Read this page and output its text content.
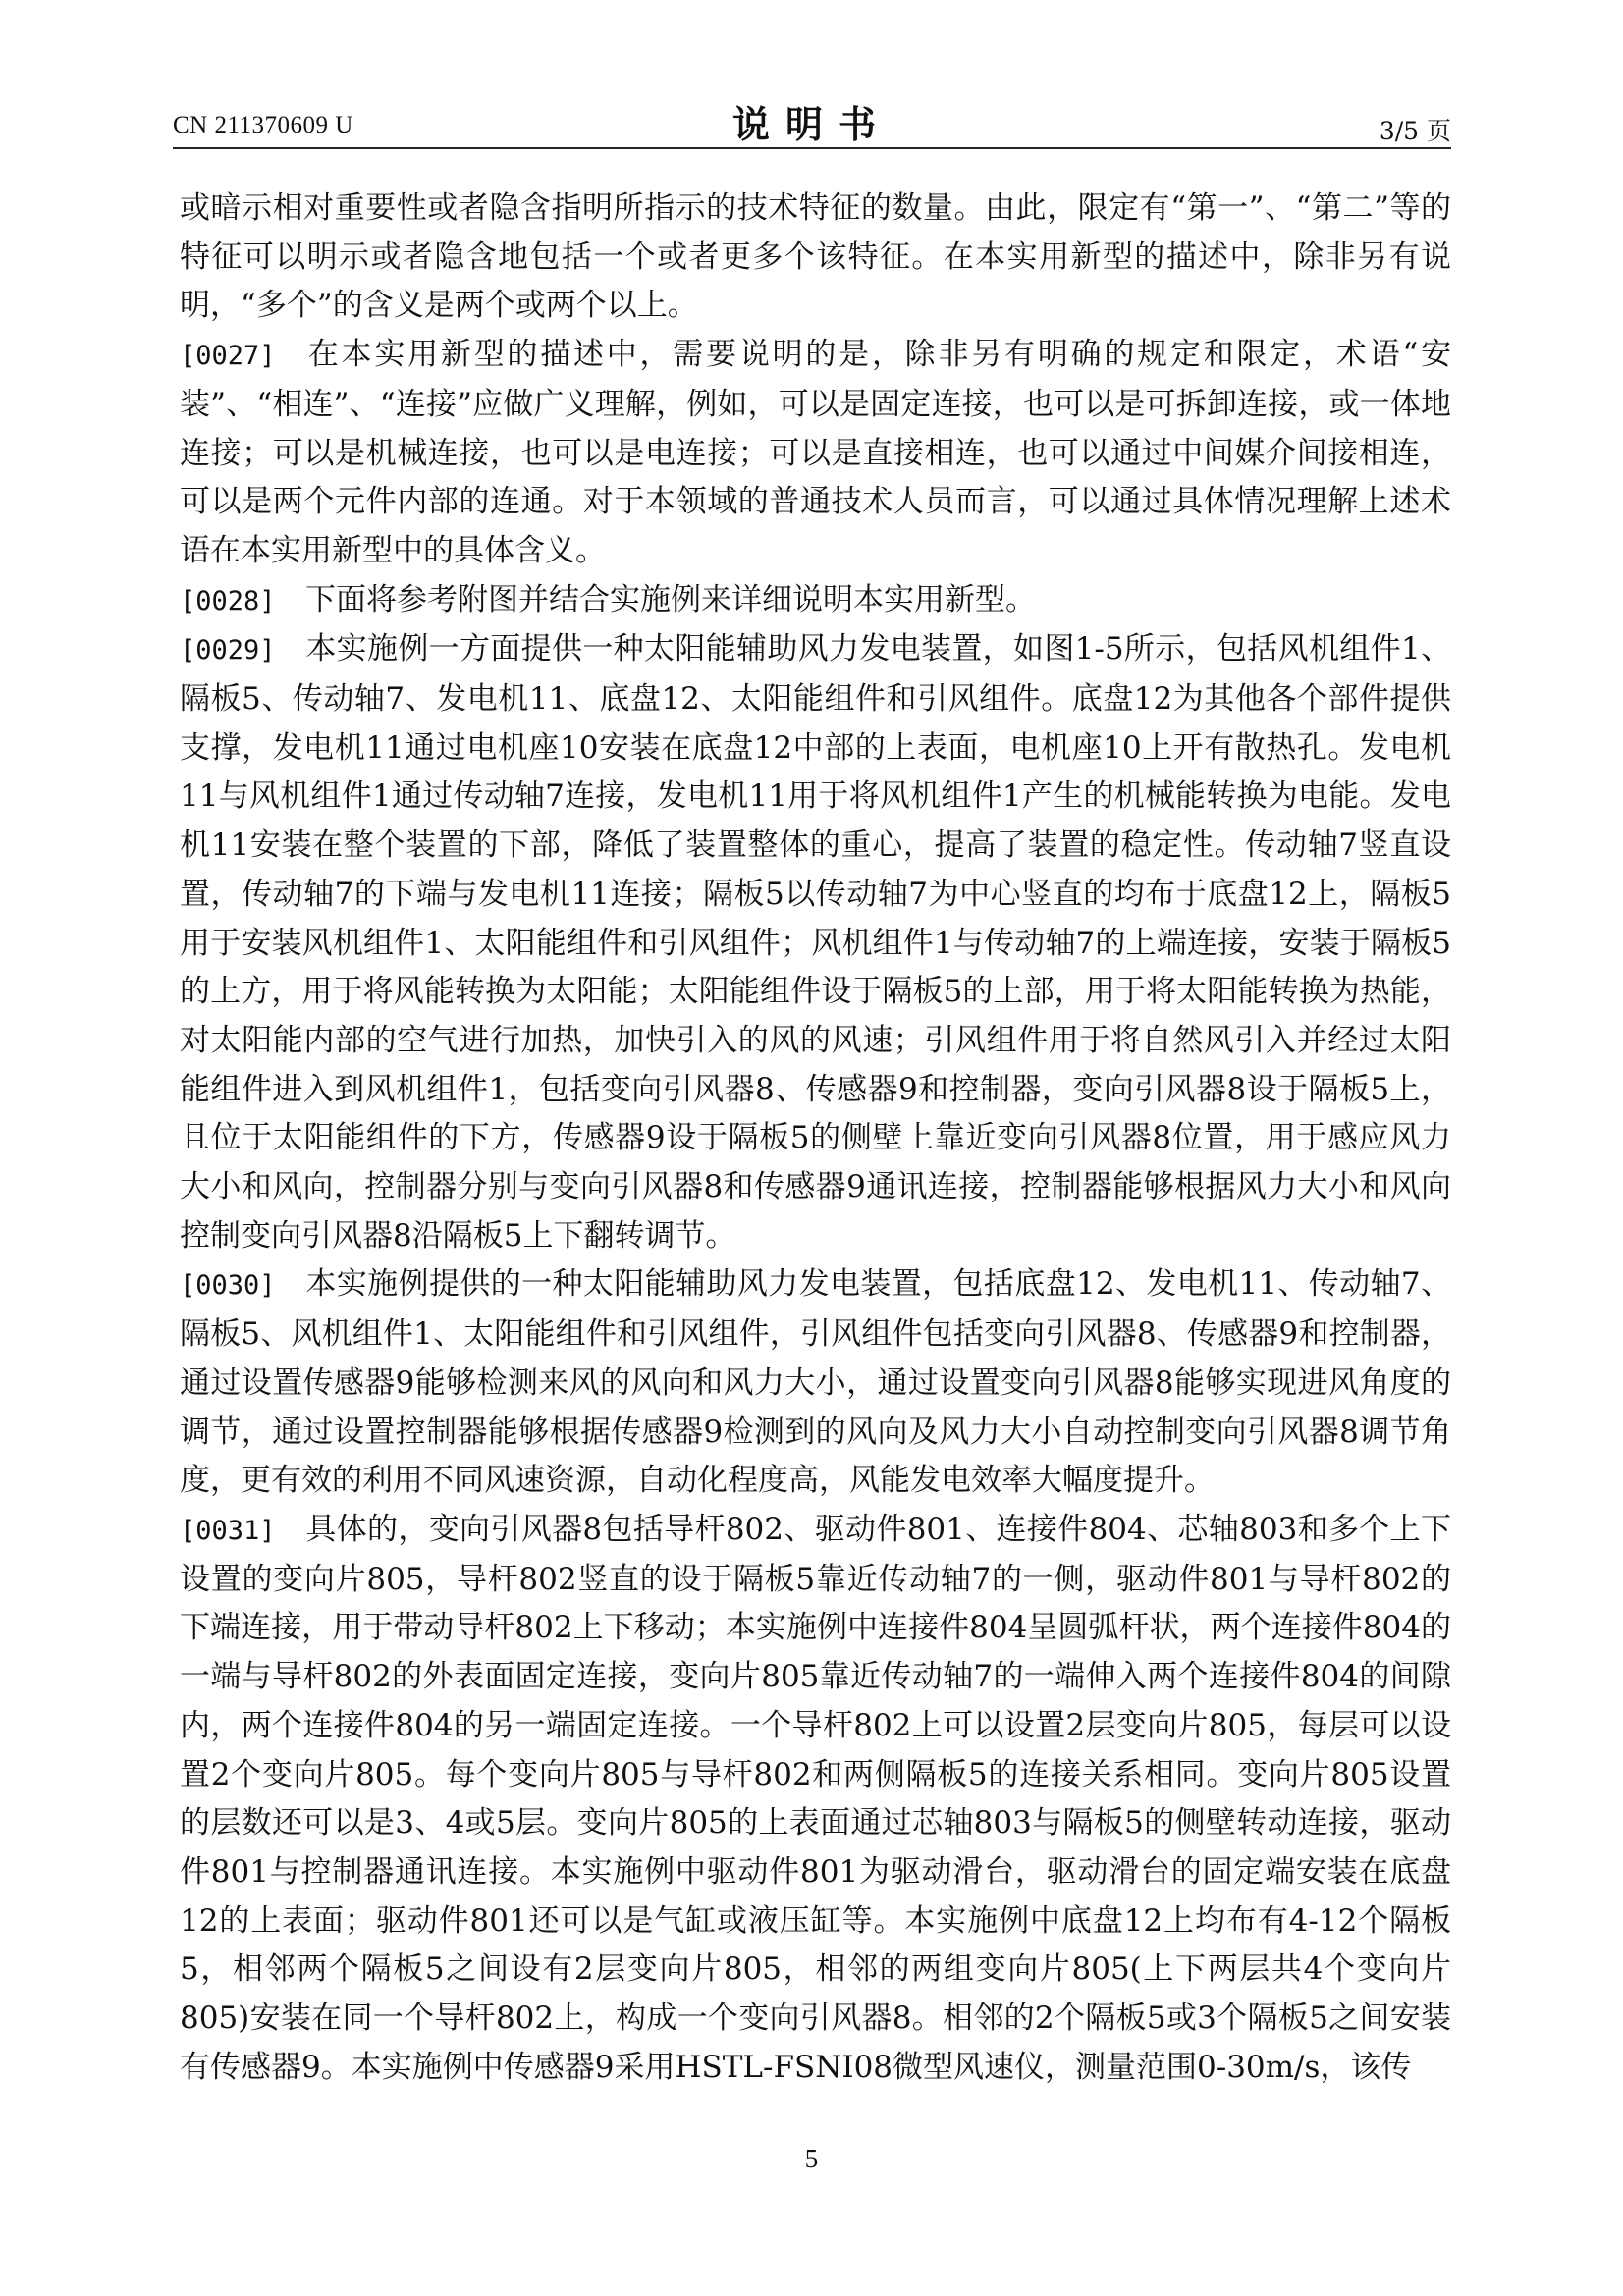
CN 211370609 U	说明书	3/5 页

或暗示相对重要性或者隐含指明所指示的技术特征的数量。由此，限定有“第一”、“第二”等的特征可以明示或者隐含地包括一个或者更多个该特征。在本实用新型的描述中，除非另有说明，“多个”的含义是两个或两个以上。

[0027] 在本实用新型的描述中，需要说明的是，除非另有明确的规定和限定，术语“安装”、“相连”、“连接”应做广义理解，例如，可以是固定连接，也可以是可拆卸连接，或一体地连接；可以是机械连接，也可以是电连接；可以是直接相连，也可以通过中间媒介间接相连，可以是两个元件内部的连通。对于本领域的普通技术人员而言，可以通过具体情况理解上述术语在本实用新型中的具体含义。

[0028] 下面将参考附图并结合实施例来详细说明本实用新型。

[0029] 本实施例一方面提供一种太阳能辅助风力发电装置，如图1-5所示，包括风机组件1、隔板5、传动轴7、发电机11、底盘12、太阳能组件和引风组件。底盘12为其他各个部件提供支撑，发电机11通过电机座10安装在底盘12中部的上表面，电机座10上开有散热孔。发电机11与风机组件1通过传动轴7连接，发电机11用于将风机组件1产生的机械能转换为电能。发电机11安装在整个装置的下部，降低了装置整体的重心，提高了装置的稳定性。传动轴7竖直设置，传动轴7的下端与发电机11连接；隔板5以传动轴7为中心竖直的均布于底盘12上，隔板5用于安装风机组件1、太阳能组件和引风组件；风机组件1与传动轴7的上端连接，安装于隔板5的上方，用于将风能转换为太阳能；太阳能组件设于隔板5的上部，用于将太阳能转换为热能，对太阳能内部的空气进行加热，加快引入的风的风速；引风组件用于将自然风引入并经过太阳能组件进入到风机组件1，包括变向引风器8、传感器9和控制器，变向引风器8设于隔板5上，且位于太阳能组件的下方，传感器9设于隔板5的侧壁上靠近变向引风器8位置，用于感应风力大小和风向，控制器分别与变向引风器8和传感器9通讯连接，控制器能够根据风力大小和风向控制变向引风器8沿隔板5上下翻转调节。

[0030] 本实施例提供的一种太阳能辅助风力发电装置，包括底盘12、发电机11、传动轴7、隔板5、风机组件1、太阳能组件和引风组件，引风组件包括变向引风器8、传感器9和控制器，通过设置传感器9能够检测来风的风向和风力大小，通过设置变向引风器8能够实现进风角度的调节，通过设置控制器能够根据传感器9检测到的风向及风力大小自动控制变向引风器8调节角度，更有效的利用不同风速资源，自动化程度高，风能发电效率大幅度提升。

[0031] 具体的，变向引风器8包括导杆802、驱动件801、连接件804、芯轴803和多个上下设置的变向片805，导杆802竖直的设于隔板5靠近传动轴7的一侧，驱动件801与导杆802的下端连接，用于带动导杆802上下移动；本实施例中连接件804呈圆弧杆状，两个连接件804的一端与导杆802的外表面固定连接，变向片805靠近传动轴7的一端伸入两个连接件804的间隙内，两个连接件804的另一端固定连接。一个导杆802上可以设置2层变向片805，每层可以设置2个变向片805。每个变向片805与导杆802和两侧隔板5的连接关系相同。变向片805设置的层数还可以是3、4或5层。变向片805的上表面通过芯轴803与隔板5的侧壁转动连接，驱动件801与控制器通讯连接。本实施例中驱动件801为驱动滑台，驱动滑台的固定端安装在底盘12的上表面；驱动件801还可以是气缸或液压缸等。本实施例中底盘12上均布有4-12个隔板5，相邻两个隔板5之间设有2层变向片805，相邻的两组变向片805(上下两层共4个变向片805)安装在同一个导杆802上，构成一个变向引风器8。相邻的2个隔板5或3个隔板5之间安装有传感器9。本实施例中传感器9采用HSTL-FSNI08微型风速仪，测量范围0-30m/s，该传

5
